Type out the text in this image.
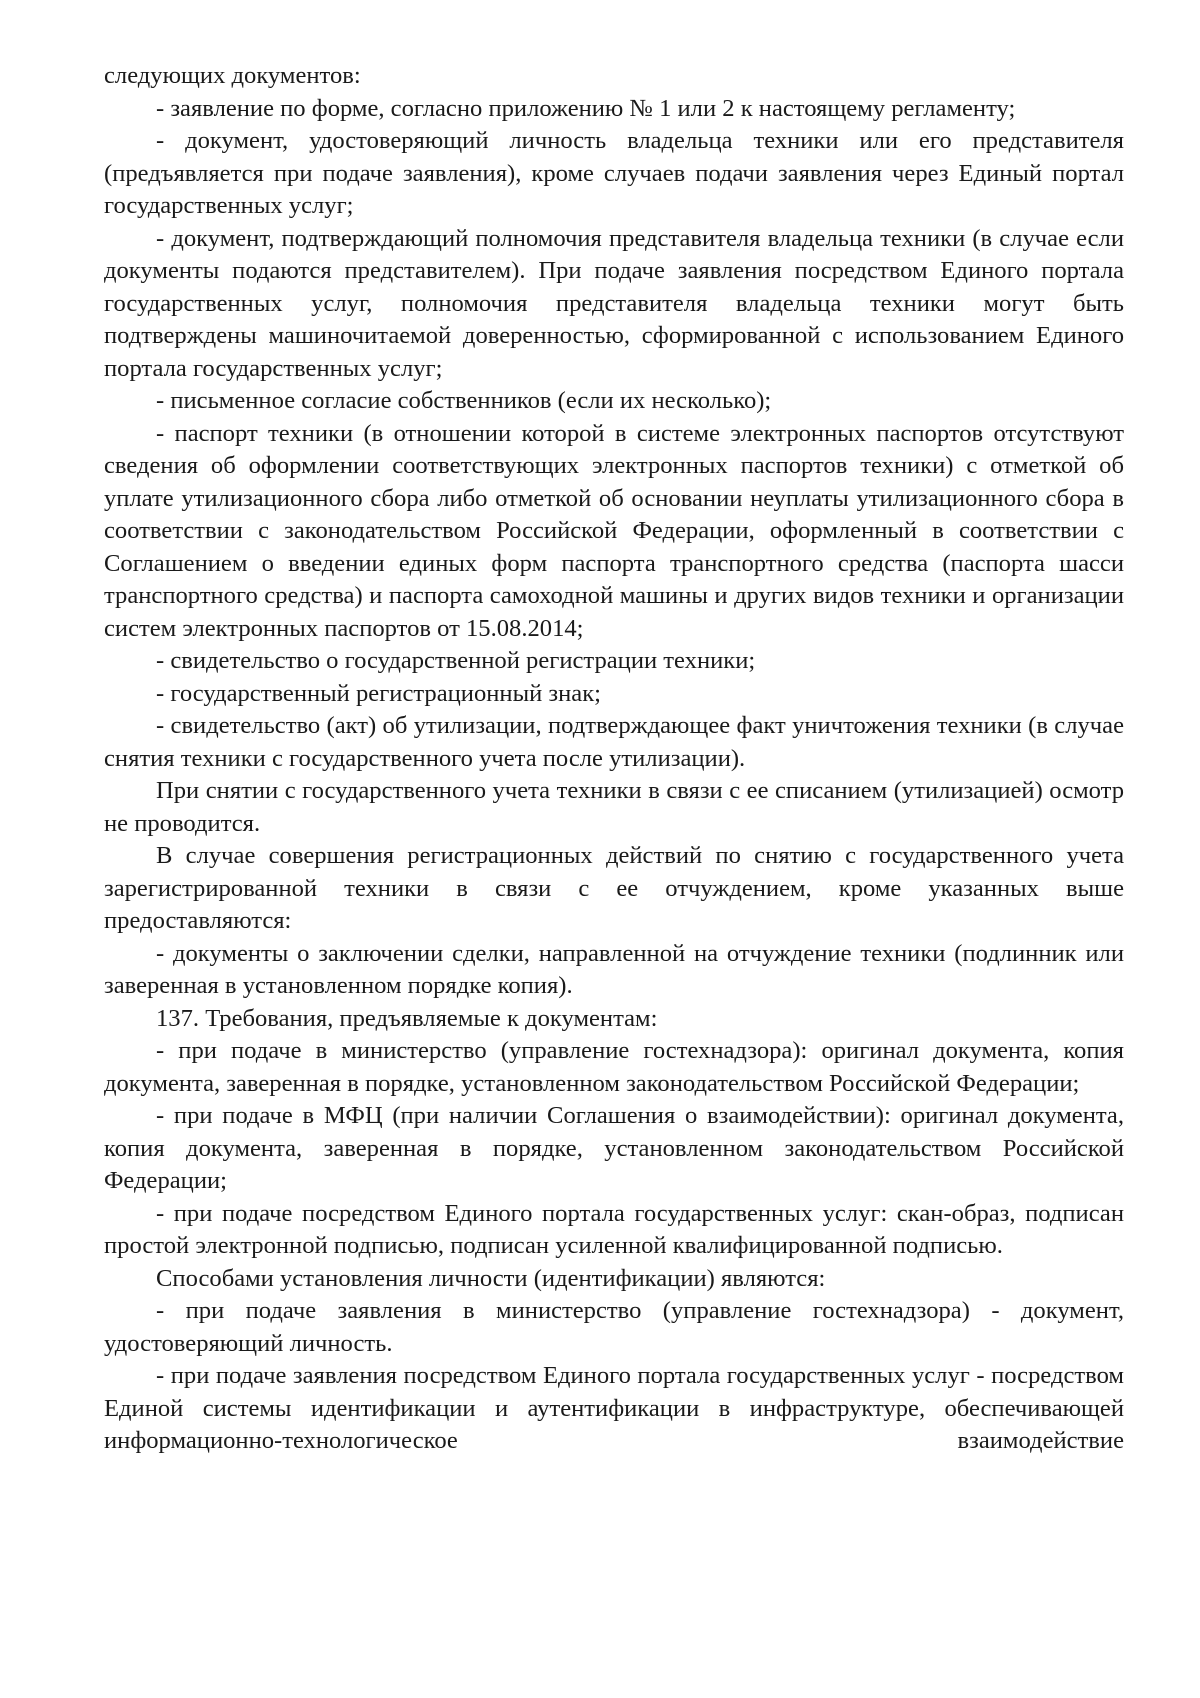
следующих документов:

- заявление по форме, согласно приложению № 1 или 2 к настоящему регламенту;

- документ, удостоверяющий личность владельца техники или его представителя (предъявляется при подаче заявления), кроме случаев подачи заявления через Единый портал государственных услуг;

- документ, подтверждающий полномочия представителя владельца техники (в случае если документы подаются представителем). При подаче заявления посредством Единого портала государственных услуг, полномочия представителя владельца техники могут быть подтверждены машиночитаемой доверенностью, сформированной с использованием Единого портала государственных услуг;

- письменное согласие собственников (если их несколько);

- паспорт техники (в отношении которой в системе электронных паспортов отсутствуют сведения об оформлении соответствующих электронных паспортов техники) с отметкой об уплате утилизационного сбора либо отметкой об основании неуплаты утилизационного сбора в соответствии с законодательством Российской Федерации, оформленный в соответствии с Соглашением о введении единых форм паспорта транспортного средства (паспорта шасси транспортного средства) и паспорта самоходной машины и других видов техники и организации систем электронных паспортов от 15.08.2014;

- свидетельство о государственной регистрации техники;

- государственный регистрационный знак;

- свидетельство (акт) об утилизации, подтверждающее факт уничтожения техники (в случае снятия техники с государственного учета после утилизации).

При снятии с государственного учета техники в связи с ее списанием (утилизацией) осмотр не проводится.

В случае совершения регистрационных действий по снятию с государственного учета зарегистрированной техники в связи с ее отчуждением, кроме указанных выше предоставляются:

- документы о заключении сделки, направленной на отчуждение техники (подлинник или заверенная в установленном порядке копия).

137. Требования, предъявляемые к документам:

- при подаче в министерство (управление гостехнадзора): оригинал документа, копия документа, заверенная в порядке, установленном законодательством Российской Федерации;

- при подаче в МФЦ (при наличии Соглашения о взаимодействии): оригинал документа, копия документа, заверенная в порядке, установленном законодательством Российской Федерации;

- при подаче посредством Единого портала государственных услуг: скан-образ, подписан простой электронной подписью, подписан усиленной квалифицированной подписью.

Способами установления личности (идентификации) являются:

- при подаче заявления в министерство (управление гостехнадзора) - документ, удостоверяющий личность.

- при подаче заявления посредством Единого портала государственных услуг - посредством Единой системы идентификации и аутентификации в инфраструктуре, обеспечивающей информационно-технологическое взаимодействие
